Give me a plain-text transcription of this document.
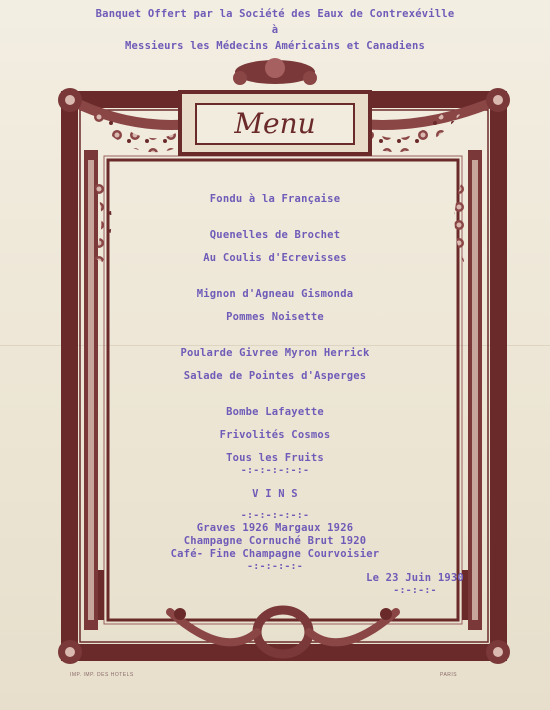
Banquet Offert par la Société des Eaux de Contrexéville
à
Messieurs les Médecins Américains et Canadiens
Menu
Fondu à la Française
Quenelles de Brochet
Au Coulis d'Ecrevisses
Mignon d'Agneau Gismonda
Pommes Noisette
Poularde Givree Myron Herrick
Salade de Pointes d'Asperges
Bombe Lafayette
Frivolités Cosmos
Tous les Fruits
-:-:-:-:-:-
V I N S
-:-:-:-:-:-
Graves 1926 Margaux 1926
Champagne Cornuché Brut 1920
Café- Fine Champagne Courvoisier
-:-:-:-:-
Le 23 Juin 1930
-:-:-:-
IMP. IMP. DES HOTELS	PARIS
